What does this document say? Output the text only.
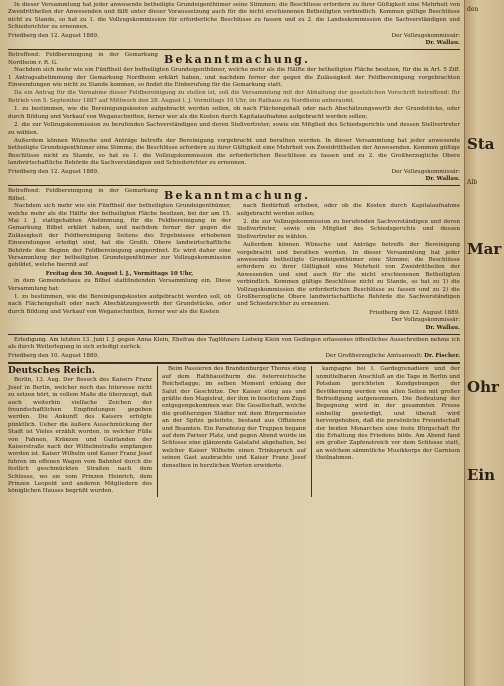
In dieser Versammlung hat jeder anwesende betheiligte Grundeigenthümer seine Stimmen; die Beschlüsse erfordern zu ihrer Gültigkeit eine Mehrheit von Zweidrittheilen der Anwesenden und fällt unter dieser Voraussetzung auch für die nicht erschienenen Betheiligten verbindlich. Kommen gültige Beschlüsse nicht zu Stande, so hat zu 1. die Vollzugskommission für erforderliche Beschlüsse zu fassen und zu 2. die Landeskommission die Sachverständigen und Schiedsrichter zu ernennen.

Friedberg den 12. August 1889.	Der Vollzugskommissär:
Dr. Wallau.
Betreffend: Feldbereinigung in der Gemarkung Nordheim r. R. G.	Bekanntmachung.

Nachdem sich mehr wie ein Fünftheil der betheiligten Grundeigenthümer, welche mehr als die Hälfte der betheiligten Fläche besitzen, für die in Art. 5 Ziff. 1 Antragsabstimmung der Gemarkung Nordheim erklärt haben, und nachdem ferner der gegen die Zulässigkeit der Feldbereinigung vorgebrachten Einwendungen wie nicht zu Stande kommen, so findet die Einberufung für die Gemarkung statt.

Da ein Antrag für die Vornahme dieser Feldbereinigung zu stellen ist, soll die Versammlung mit der Abhaltung der gesetzlichen Vorschrift betreffend: Ihr Betrieb von 5. September 1887 auf Mittwoch den 28. August l. J. Vormittags 10 Uhr, im Rathaus zu Nordheim anberaumt.

1. zu bestimmen, wie die Bereinigungskosten aufgebracht werden sollen, ob nach Flächengehalt oder nach Abschätzungswerth der Grundstücke, oder durch Bildung und Verkauf von Weganschnitten, ferner wer als die Kosten durch Kapitalaufnahme aufgebracht werden sollen;

2. die zur Vollzugskommission zu berufenden Sachverständigen und deren Stellvertreter, sowie ein Mitglied des Schiedsgerichts und dessen Stellvertreter zu wählen.

Außerdem können Wünsche und Anträge betreffs der Bereinigung vorgebracht und berathen werden. In dieser Versammlung hat jeder anwesende betheiligte Grundeigenthümer eine Stimme; die Beschlüsse erfordern zu ihrer Gültigkeit eine Mehrheit von Zweidrittheilen der Anwesenden. Kommen gültige Beschlüsse nicht zu Stande, so hat zu 1. die Vollzugskommission die erforderlichen Beschlüsse zu fassen und zu 2. die Großherzogliche Obere landwirtschaftliche Behörde die Sachverständigen und Schiedsrichter zu ernennen.

Friedberg den 12. August 1889.	Der Vollzugskommissär:
Dr. Wallau.
Betreffend: Feldbereinigung in der Gemarkung Bilbel.	Bekanntmachung.

Nachdem sich mehr wie ein Fünftheil der betheiligten Grundeigenthümer, welche mehr als die Hälfte der betheiligten Fläche besitzen, bei der am 15. Mai l. J. stattgehabten Abstimmung, für die Feldbereinigung in der Gemarkung Bilbel erklärt haben, und nachdem ferner der gegen die Zulässigkeit der Feldbereinigung Seitens des Ergebnisses erhobenen Einwendungen erledigt sind, hat die Großh. Obere landwirtschaftliche Behörde den Beginn der Feldbereinigung angeordnet. Es wird daher eine Versammlung der betheiligten Grundeigenthümer zur Vollzugskommission gebildet, welche hiermit auf

Freitag den 30. August l. J., Vormittags 10 Uhr,

in dem Gemeindehaus zu Bilbel stattfindenden Versammlung ein. Diese Versammlung hat:

1. zu bestimmen, wie die Bereinigungskosten aufgebracht werden soll, ob nach Flächengehalt oder nach Abschätzungswerth der Grundstücke, oder durch Bildung und Verkauf von Weganschnitten, ferner wer als die Kosten

nach Bedürfniß erhoben, oder ob die Kosten durch Kapitalaufnahme aufgebracht werden sollen;

2. die zur Vollzugskommission zu berufenden Sachverständigen und deren Stellvertreter, sowie ein Mitglied des Schiedsgerichts und dessen Stellvertreter zu wählen.

Außerdem können Wünsche und Anträge betreffs der Bereinigung vorgebracht und berathen werden. In dieser Versammlung hat jeder anwesende betheiligte Grundeigenthümer eine Stimme; die Beschlüsse erfordern zu ihrer Gültigkeit eine Mehrheit von Zweidrittheilen der Anwesenden und sind auch für die nicht erschienenen Betheiligten verbindlich. Kommen gültige Beschlüsse nicht zu Stande, so hat zu 1) die Vollzugskommission die erforderlichen Beschlüsse zu fassen und zu 2) die Großherzogliche Obere landwirtschaftliche Behörde die Sachverständigen und Schiedsrichter zu ernennen.

Friedberg den 12. August 1889.
Der Vollzugskommissär:
Dr. Wallau.

Erledigung. Am letzten 13. Juni l. J. gegen Anna Klein, Ehefrau des Taglöhners Ludwig Klein von Gedingen erlassenes öffentliches Ausschreiben nehme ich als durch Weiterlegung in sich erledigt zurück.

Friedberg den 10. August 1889.	Der Großherzogliche Amtsanwalt: Dr. Fischer.
Deutsches Reich.

Berlin, 13. Aug. Der Besuch des Kaisers Franz Josef in Berlin, welcher noch das Interesse nicht zu setzen hört, in vollem Maße die überzeugt, daß auch weiterhin vielfache Zeichen der freundschaftlichen Empfindungen gegeben werden. Die Ankunft des Kaisers erfolgte pünktlich. Ueber die äußere Ausschmückung der Stadt ist Vieles erzählt worden, in welcher Fülle von Fahnen, Kränzen und Guirlanden der Kaiserstraße nach der Wilhelmstraße empfangen worden ist. Kaiser Wilhelm und Kaiser Franz Josef fuhren im offenen Wagen vom Bahnhof durch die festlich geschmückten Straßen nach dem Schlosse, wo sie vom Prinzen Heinrich, dem Prinzen Leopold und anderen Mitgliedern des königlichen Hauses begrüßt wurden.

Beim Passieren des Brandenburger Thores stieg auf dem Rathhausthurm die österreichische Reichsflagge; im selben Moment erklang der Salut der Geschütze. Der Kaiser stieg aus und grüßte den Magistrat, der ihm in feierlichem Zuge entgegengekommen war. Die Gesellschaft, welche die großherzigen Städter mit dem Bürgermeister an der Spitze geleitete, bestand aus Offizieren und Beamten. Ein Paradezug der Truppen begann auf dem Pariser Platz, und gegen Abend wurde im Schlosse eine glänzende Galatafel abgehalten, bei welcher Kaiser Wilhelm einen Trinkspruch auf seinen Gast ausbrachte und Kaiser Franz Josef denselben in herzlichen Worten erwiderte.

kampagne bei I. Gardegrenadiere und der unmittelbaren Anschluß an die Tage in Berlin und Potsdam gerichteten Kundgebungen der Bevölkerung werden von allen Seiten mit großer Befriedigung aufgenommen. Die Bedeutung der Begegnung wird in der gesammten Presse einhellig gewürdigt, und überall wird hervorgehoben, daß die persönliche Freundschaft der beiden Monarchen eine feste Bürgschaft für die Erhaltung des Friedens bilde. Am Abend fand ein großer Zapfenstreich vor dem Schlosse statt, an welchem sämmtliche Musikkorps der Garnison theilnahmen.

den
Sta
Alb
Mar
Ohr
Ein
